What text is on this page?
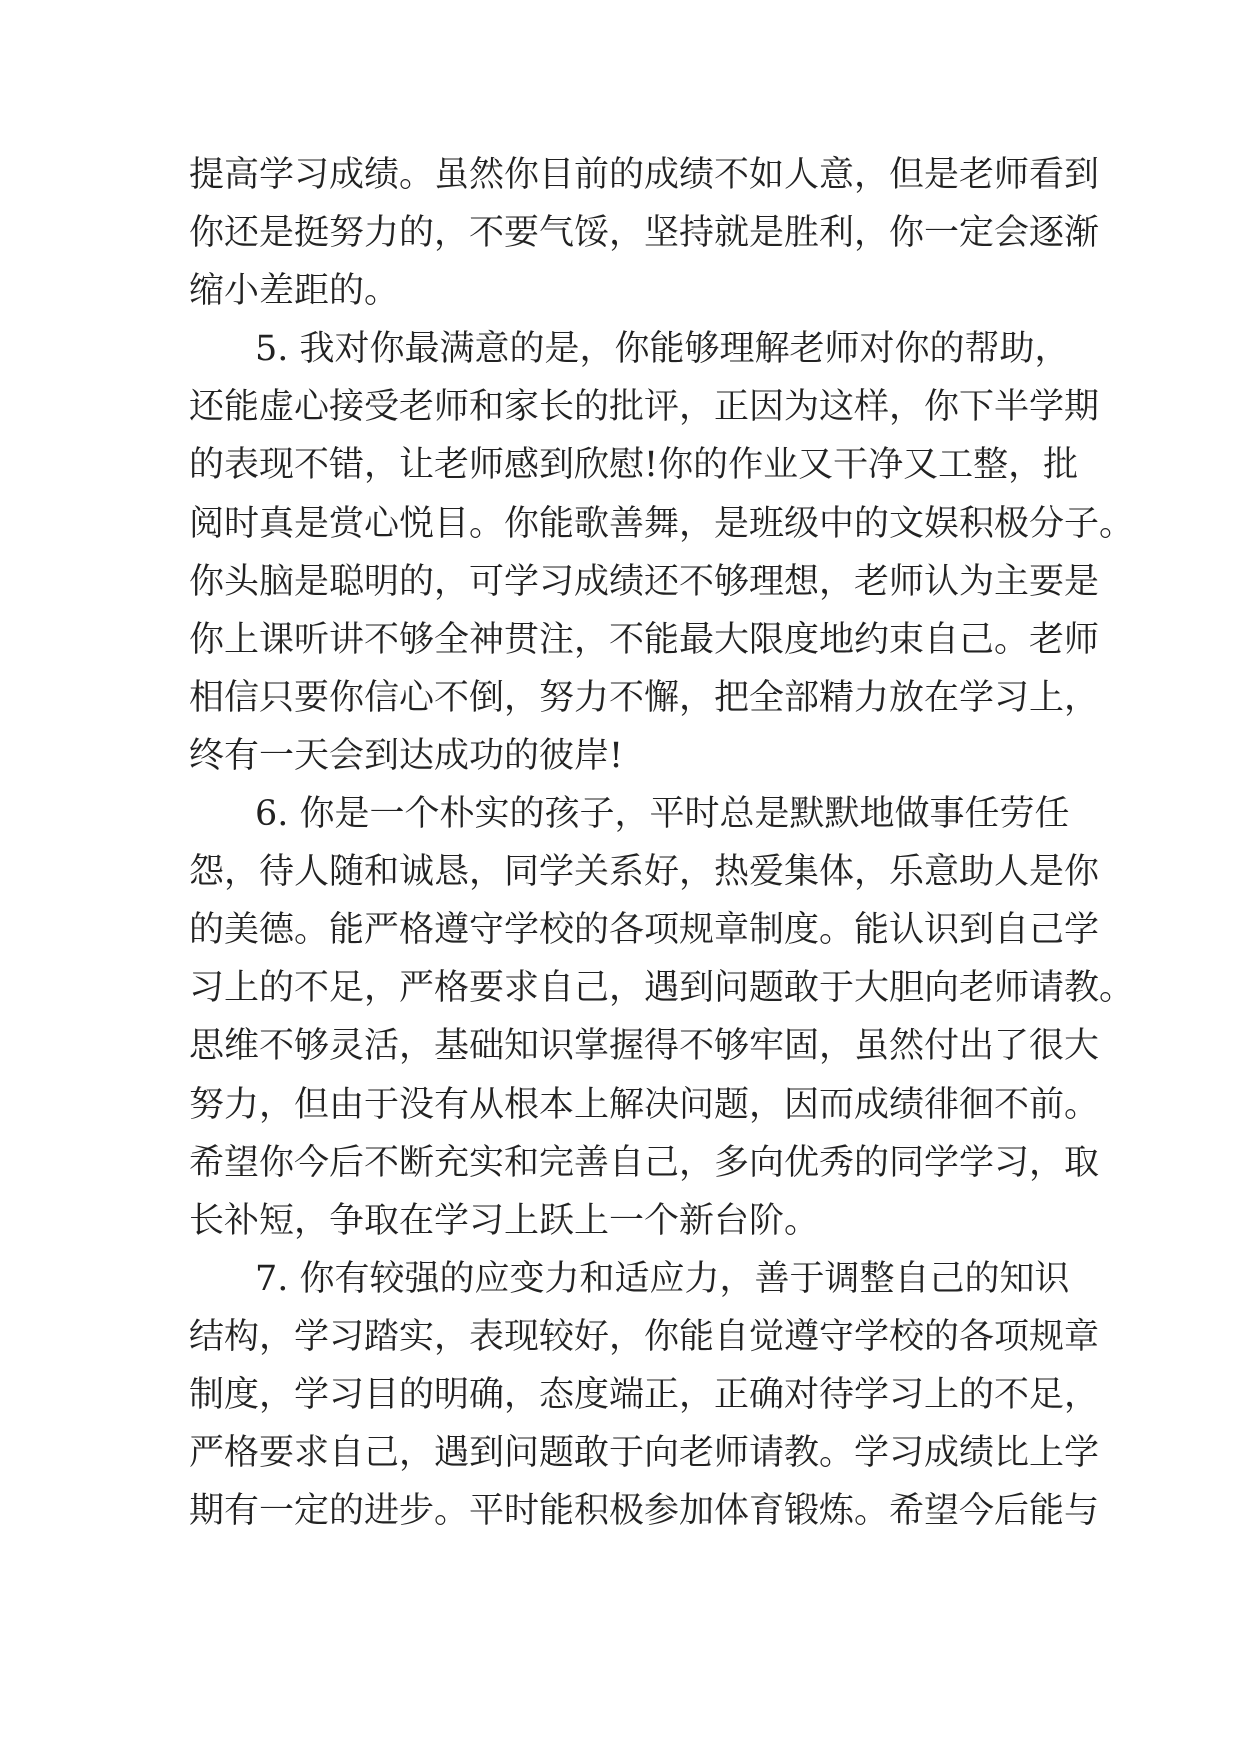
提高学习成绩。虽然你目前的成绩不如人意，但是老师看到
你还是挺努力的，不要气馁，坚持就是胜利，你一定会逐渐
缩小差距的。
5. 我对你最满意的是，你能够理解老师对你的帮助，
还能虚心接受老师和家长的批评，正因为这样，你下半学期
的表现不错，让老师感到欣慰!你的作业又干净又工整，批
阅时真是赏心悦目。你能歌善舞，是班级中的文娱积极分子。
你头脑是聪明的，可学习成绩还不够理想，老师认为主要是
你上课听讲不够全神贯注，不能最大限度地约束自己。老师
相信只要你信心不倒，努力不懈，把全部精力放在学习上，
终有一天会到达成功的彼岸!
6. 你是一个朴实的孩子，平时总是默默地做事任劳任
怨，待人随和诚恳，同学关系好，热爱集体，乐意助人是你
的美德。能严格遵守学校的各项规章制度。能认识到自己学
习上的不足，严格要求自己，遇到问题敢于大胆向老师请教。
思维不够灵活，基础知识掌握得不够牢固，虽然付出了很大
努力，但由于没有从根本上解决问题，因而成绩徘徊不前。
希望你今后不断充实和完善自己，多向优秀的同学学习，取
长补短，争取在学习上跃上一个新台阶。
7. 你有较强的应变力和适应力，善于调整自己的知识
结构，学习踏实，表现较好，你能自觉遵守学校的各项规章
制度，学习目的明确，态度端正，正确对待学习上的不足，
严格要求自己，遇到问题敢于向老师请教。学习成绩比上学
期有一定的进步。平时能积极参加体育锻炼。希望今后能与
